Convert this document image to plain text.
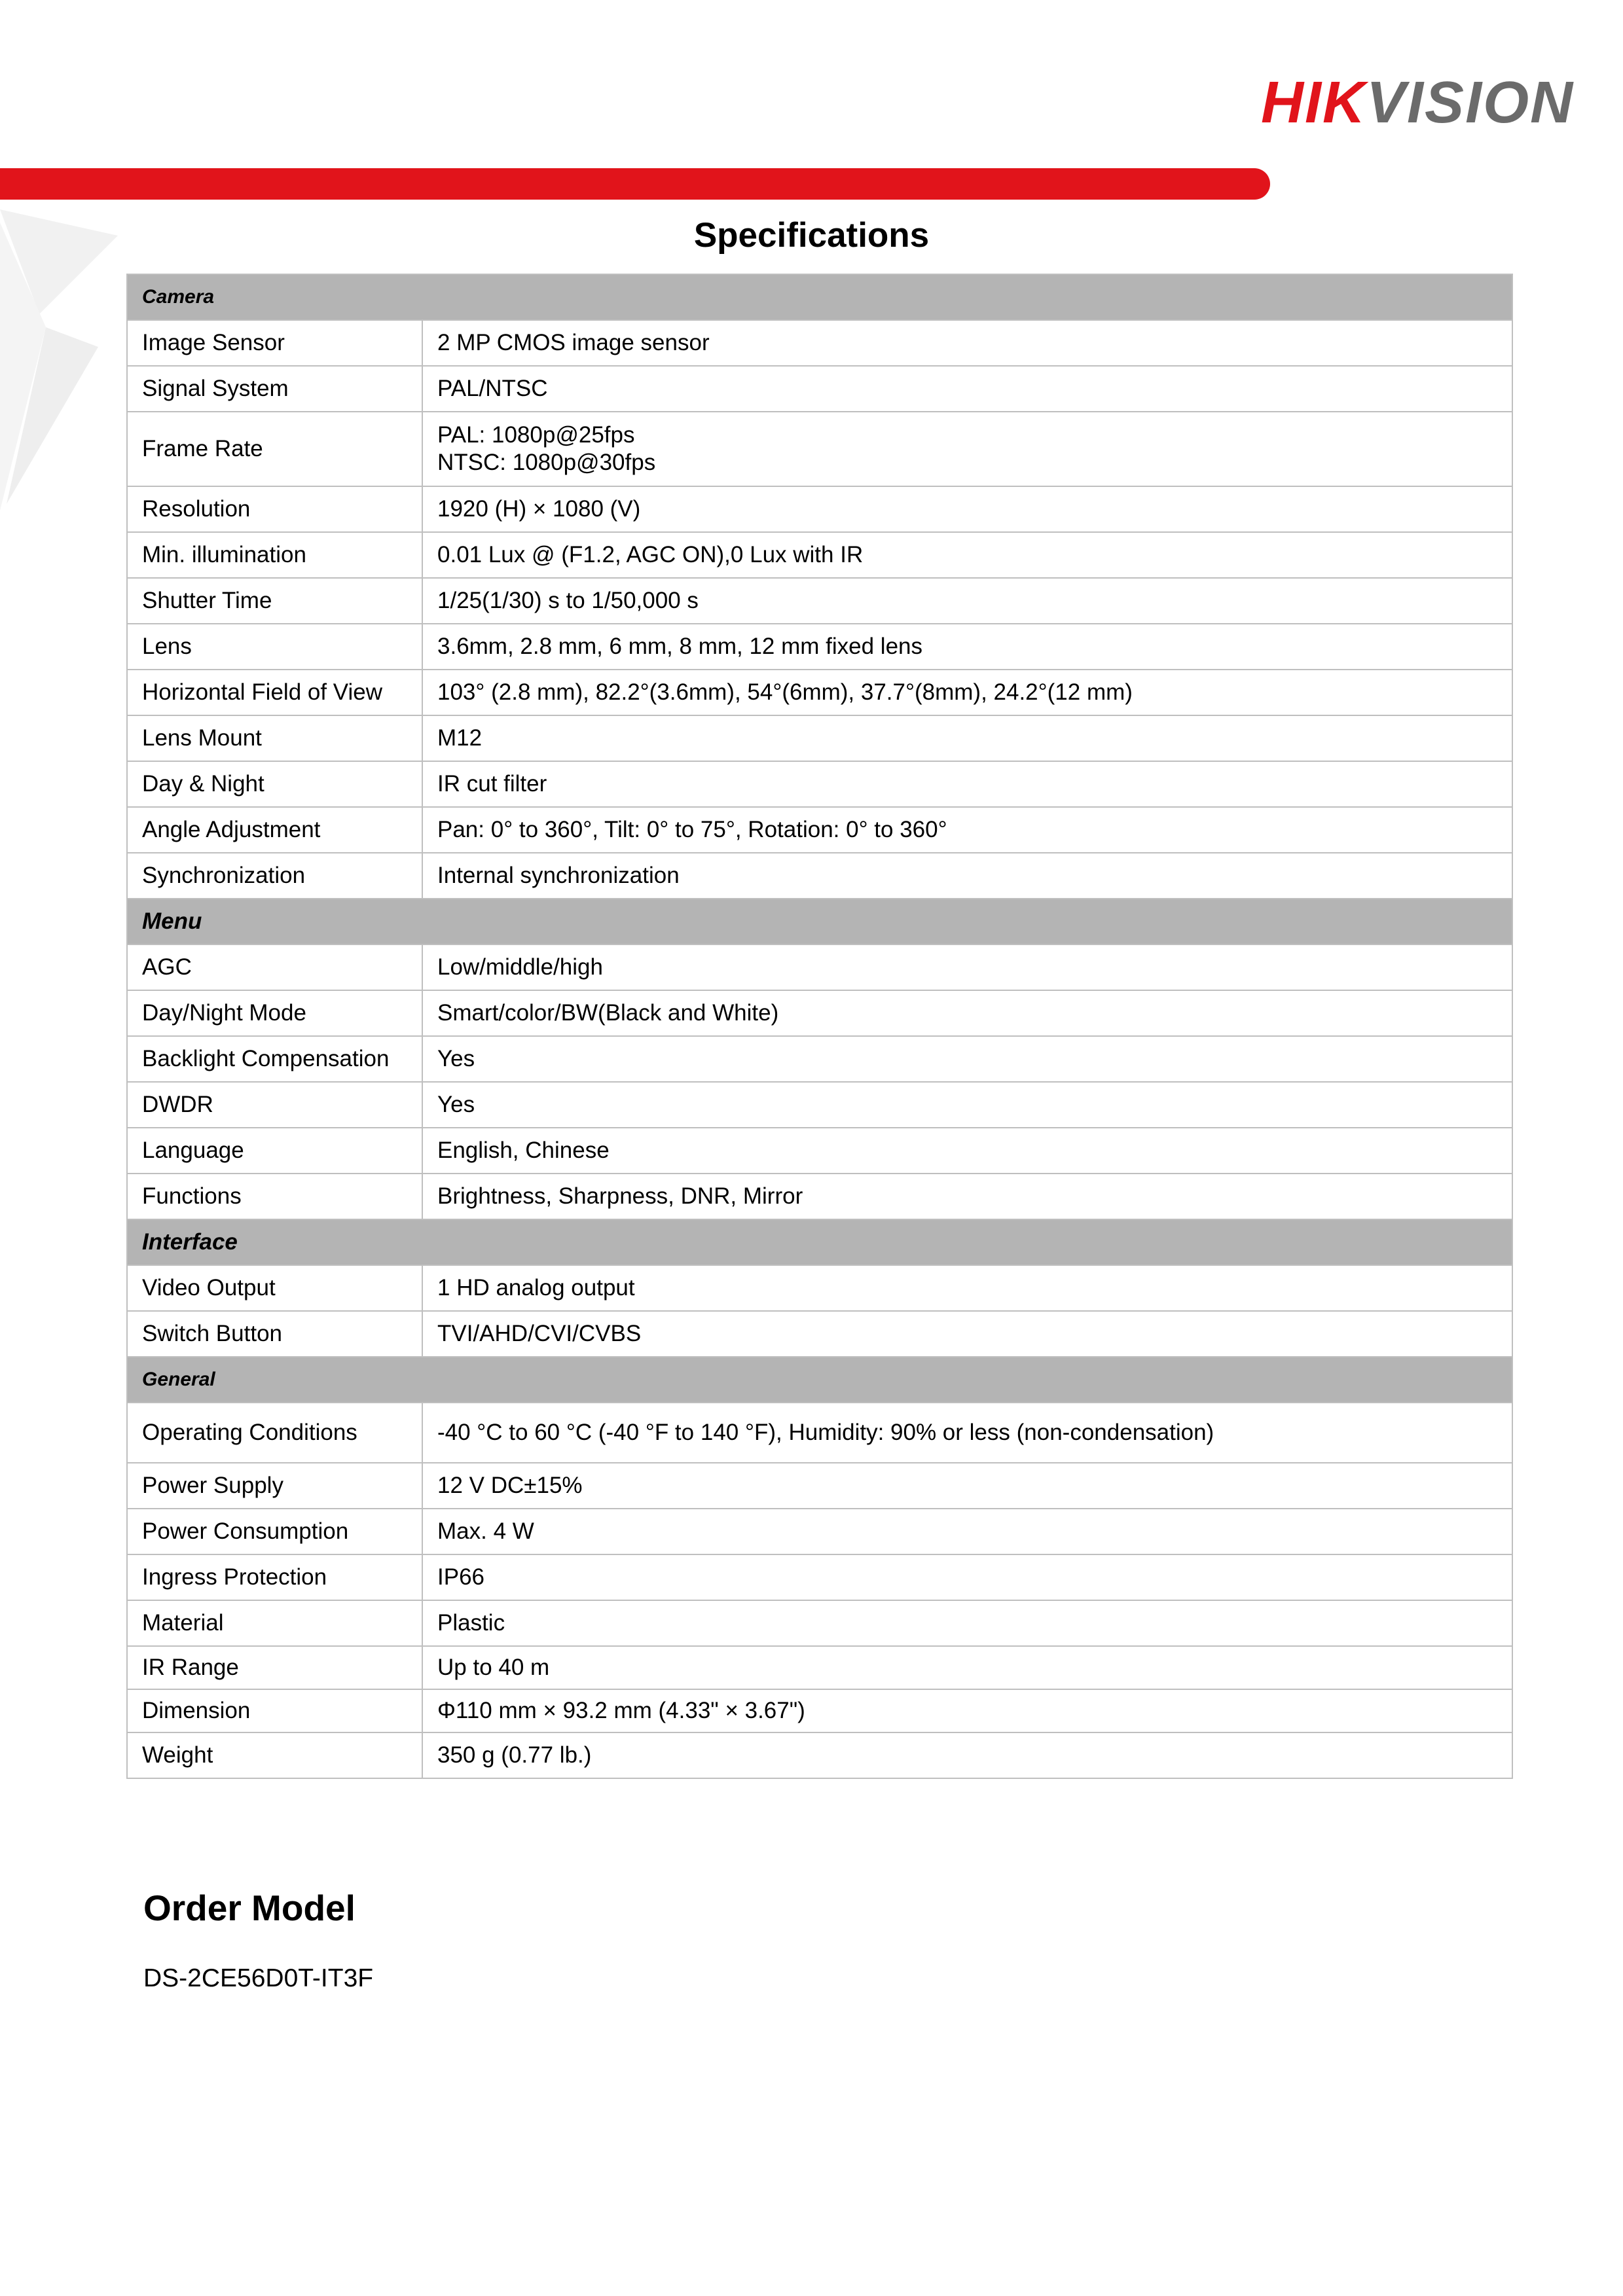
HIKVISION
Specifications
Camera	
Image Sensor	2 MP CMOS image sensor
Signal System	PAL/NTSC
Frame Rate	PAL: 1080p@25fps
NTSC: 1080p@30fps

Resolution	1920 (H) × 1080 (V)
Min. illumination	0.01 Lux @ (F1.2, AGC ON),0 Lux with IR
Shutter Time	1/25(1/30) s to 1/50,000 s
Lens	3.6mm, 2.8 mm, 6 mm, 8 mm, 12 mm fixed lens
Horizontal Field of View	103° (2.8 mm), 82.2°(3.6mm), 54°(6mm), 37.7°(8mm), 24.2°(12 mm)
Lens Mount	M12
Day & Night	IR cut filter
Angle Adjustment	Pan: 0° to 360°, Tilt: 0° to 75°, Rotation: 0° to 360°
Synchronization	Internal synchronization
Menu	
AGC	Low/middle/high
Day/Night Mode	Smart/color/BW(Black and White)
Backlight Compensation	Yes
DWDR	Yes
Language	English, Chinese
Functions	Brightness, Sharpness, DNR, Mirror
Interface	
Video Output	1 HD analog output
Switch Button	TVI/AHD/CVI/CVBS
General	
Operating Conditions	-40 °C to 60 °C (-40 °F to 140 °F), Humidity: 90% or less (non-condensation)
Power Supply	12 V DC±15%
Power Consumption	Max. 4 W
Ingress Protection	IP66
Material	Plastic
IR Range	Up to 40 m
Dimension	Φ110 mm × 93.2 mm (4.33" × 3.67")
Weight	350 g (0.77 lb.)
Order Model
DS-2CE56D0T-IT3F
